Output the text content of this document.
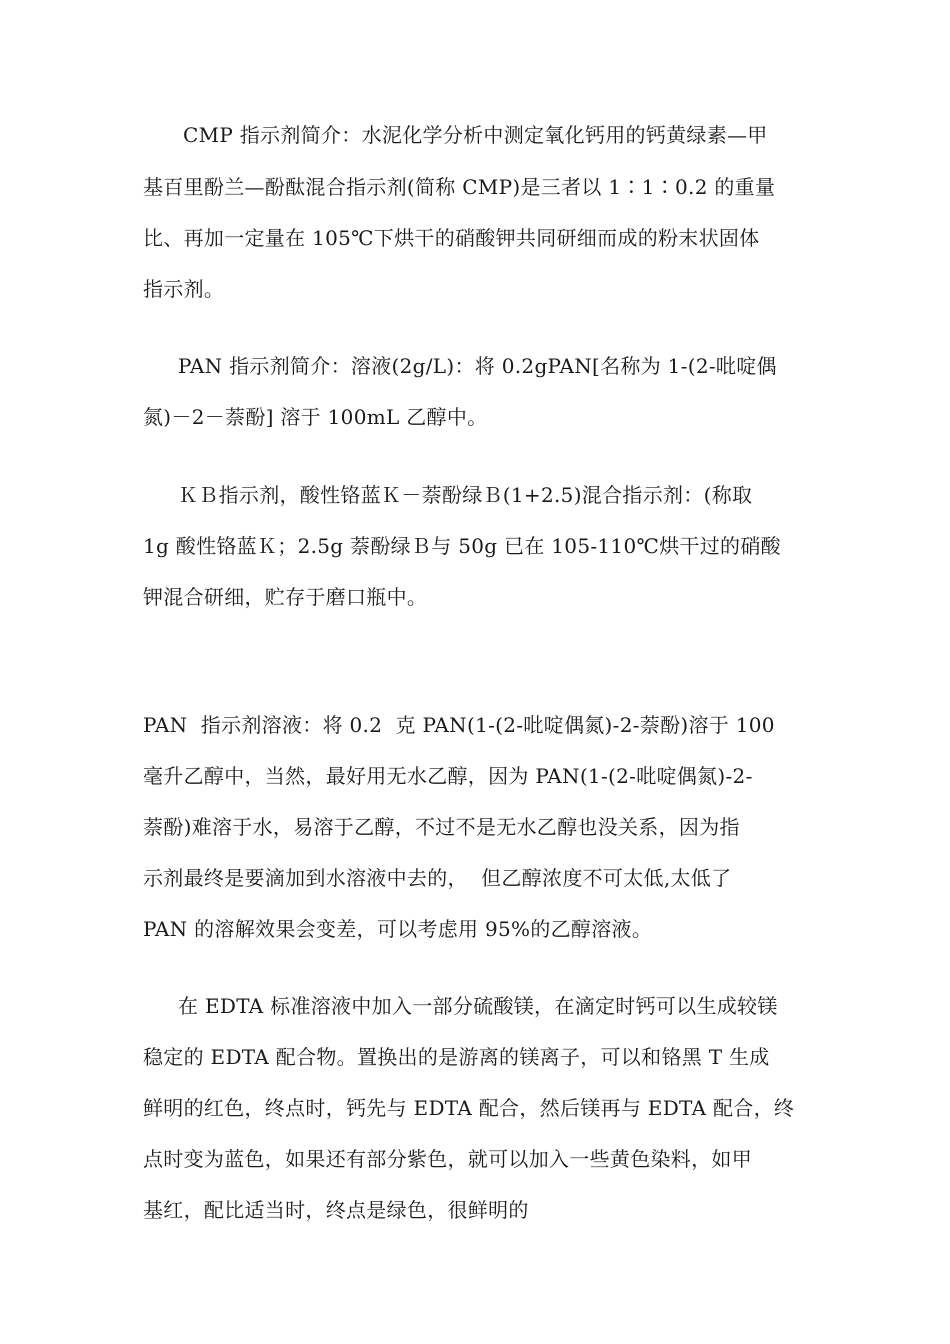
CMP 指示剂简介：水泥化学分析中测定氧化钙用的钙黄绿素—甲
基百里酚兰—酚酞混合指示剂(简称 CMP)是三者以 1∶1∶0.2 的重量
比、再加一定量在 105℃下烘干的硝酸钾共同研细而成的粉末状固体
指示剂。
PAN 指示剂简介：溶液(2g/L)：将 0.2gPAN[名称为 1-(2-吡啶偶
氮)－2－萘酚] 溶于 100mL 乙醇中。
ＫＢ指示剂，酸性铬蓝Ｋ－萘酚绿Ｂ(1+2.5)混合指示剂：(称取
1g 酸性铬蓝Ｋ；2.5g 萘酚绿Ｂ与 50g 已在 105-110℃烘干过的硝酸
钾混合研细，贮存于磨口瓶中。
PAN  指示剂溶液：将 0.2  克 PAN(1-(2-吡啶偶氮)-2-萘酚)溶于 100
毫升乙醇中，当然，最好用无水乙醇，因为 PAN(1-(2-吡啶偶氮)-2-
萘酚)难溶于水，易溶于乙醇，不过不是无水乙醇也没关系，因为指
示剂最终是要滴加到水溶液中去的，  但乙醇浓度不可太低,太低了
PAN 的溶解效果会变差，可以考虑用 95%的乙醇溶液。
在 EDTA 标准溶液中加入一部分硫酸镁，在滴定时钙可以生成较镁
稳定的 EDTA 配合物。置换出的是游离的镁离子，可以和铬黑 T 生成
鲜明的红色，终点时，钙先与 EDTA 配合，然后镁再与 EDTA 配合，终
点时变为蓝色，如果还有部分紫色，就可以加入一些黄色染料，如甲
基红，配比适当时，终点是绿色，很鲜明的
